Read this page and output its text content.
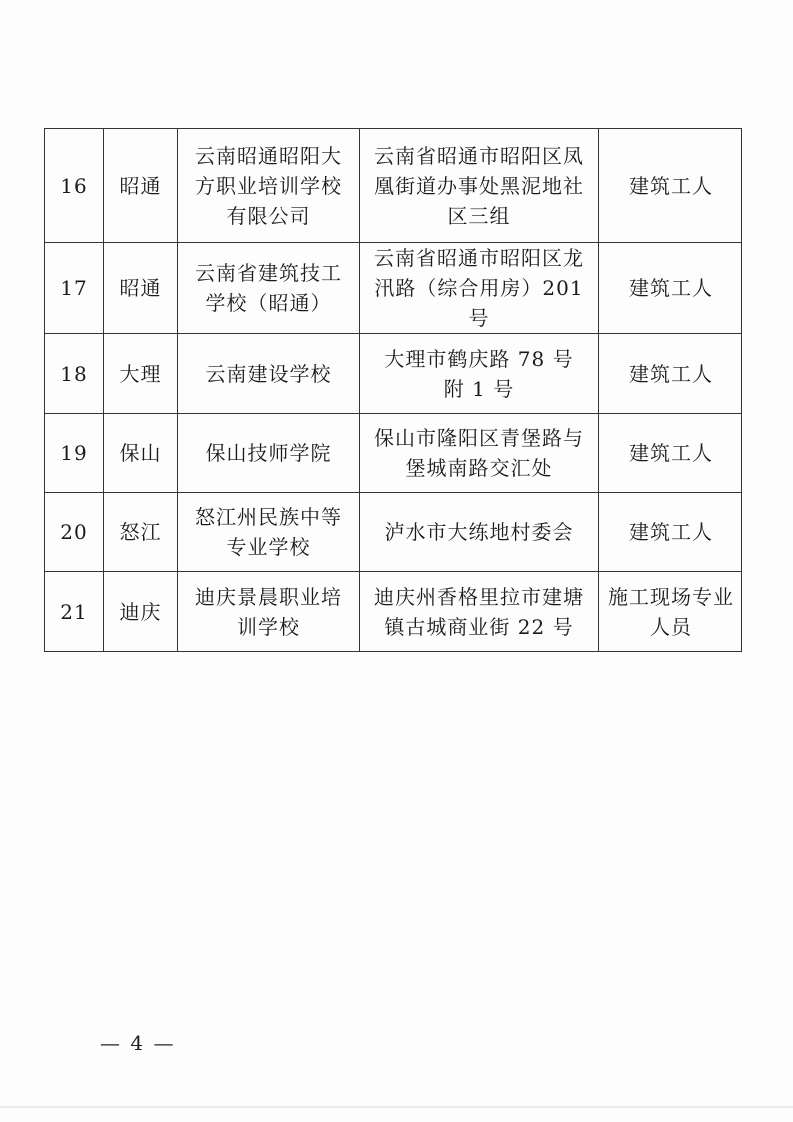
16	昭通	云南昭通昭阳大方职业培训学校有限公司	云南省昭通市昭阳区凤凰街道办事处黑泥地社区三组	建筑工人
17	昭通	云南省建筑技工学校（昭通）	云南省昭通市昭阳区龙汛路（综合用房）201 号	建筑工人
18	大理	云南建设学校	大理市鹤庆路 78 号附 1 号	建筑工人
19	保山	保山技师学院	保山市隆阳区青堡路与堡城南路交汇处	建筑工人
20	怒江	怒江州民族中等专业学校	泸水市大练地村委会	建筑工人
21	迪庆	迪庆景晨职业培训学校	迪庆州香格里拉市建塘镇古城商业街 22 号	施工现场专业人员
— 4 —
